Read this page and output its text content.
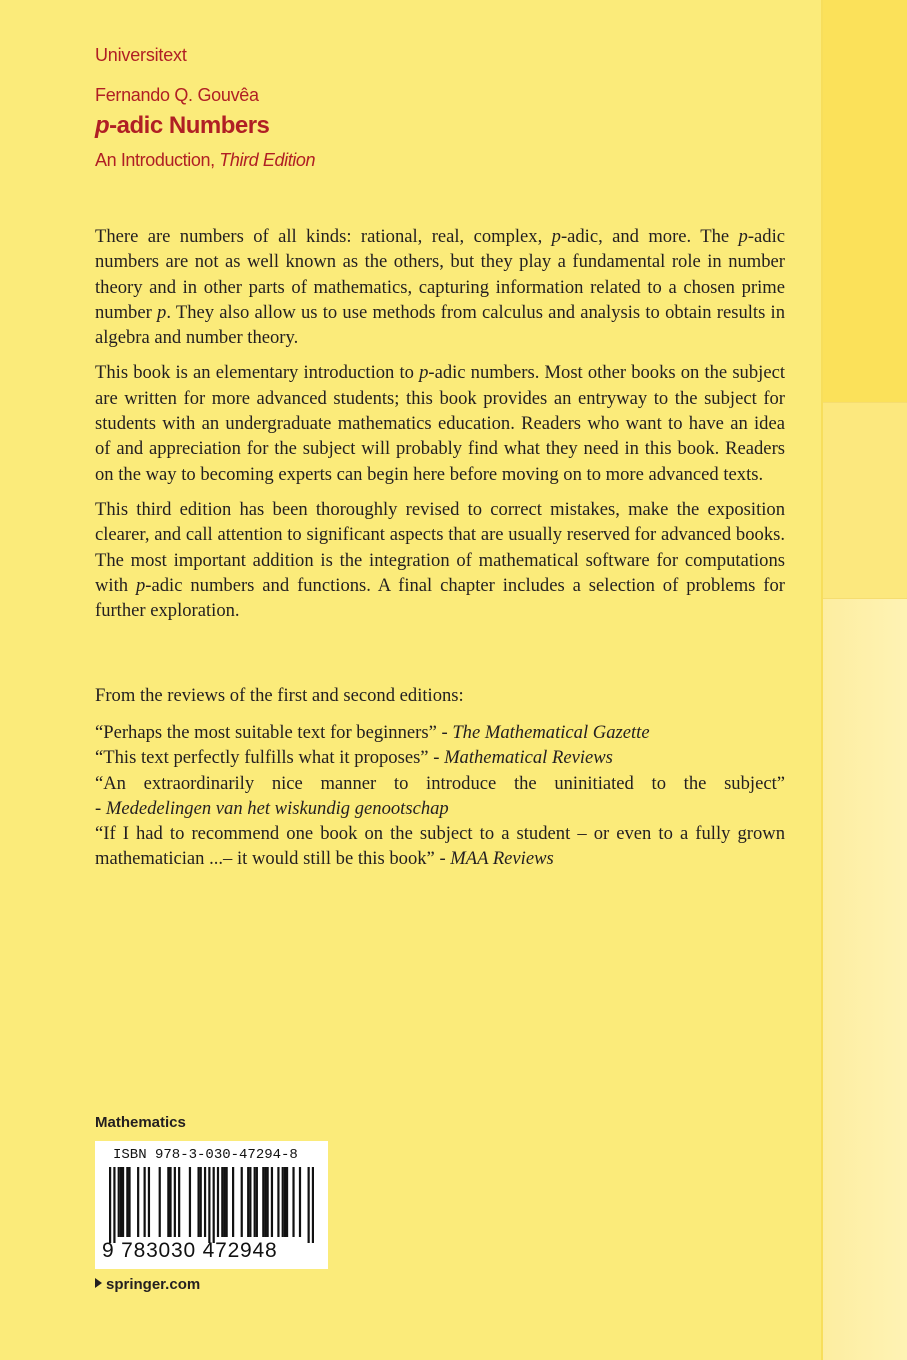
Universitext
Fernando Q. Gouvêa
p-adic Numbers
An Introduction, Third Edition

There are numbers of all kinds: rational, real, complex, p-adic, and more. The p-adic numbers are not as well known as the others, but they play a fundamental role in number theory and in other parts of mathematics, capturing information related to a chosen prime number p. They also allow us to use methods from calculus and analysis to obtain results in algebra and number theory.

This book is an elementary introduction to p-adic numbers. Most other books on the subject are written for more advanced students; this book provides an entryway to the subject for students with an undergraduate mathematics education. Readers who want to have an idea of and appreciation for the subject will probably find what they need in this book. Readers on the way to becoming experts can begin here before moving on to more advanced texts.

This third edition has been thoroughly revised to correct mistakes, make the exposition clearer, and call attention to significant aspects that are usually reserved for advanced books. The most important addition is the integration of mathematical software for computations with p-adic numbers and functions. A final chapter includes a selection of problems for further exploration.

From the reviews of the first and second editions:
“Perhaps the most suitable text for beginners” - The Mathematical Gazette
“This text perfectly fulfills what it proposes” - Mathematical Reviews
“An extraordinarily nice manner to introduce the uninitiated to the subject”
- Mededelingen van het wiskundig genootschap
“If I had to recommend one book on the subject to a student – or even to a fully grown
mathematician ...– it would still be this book” - MAA Reviews
Mathematics
ISBN 978-3-030-47294-8
9 783030 472948
springer.com
